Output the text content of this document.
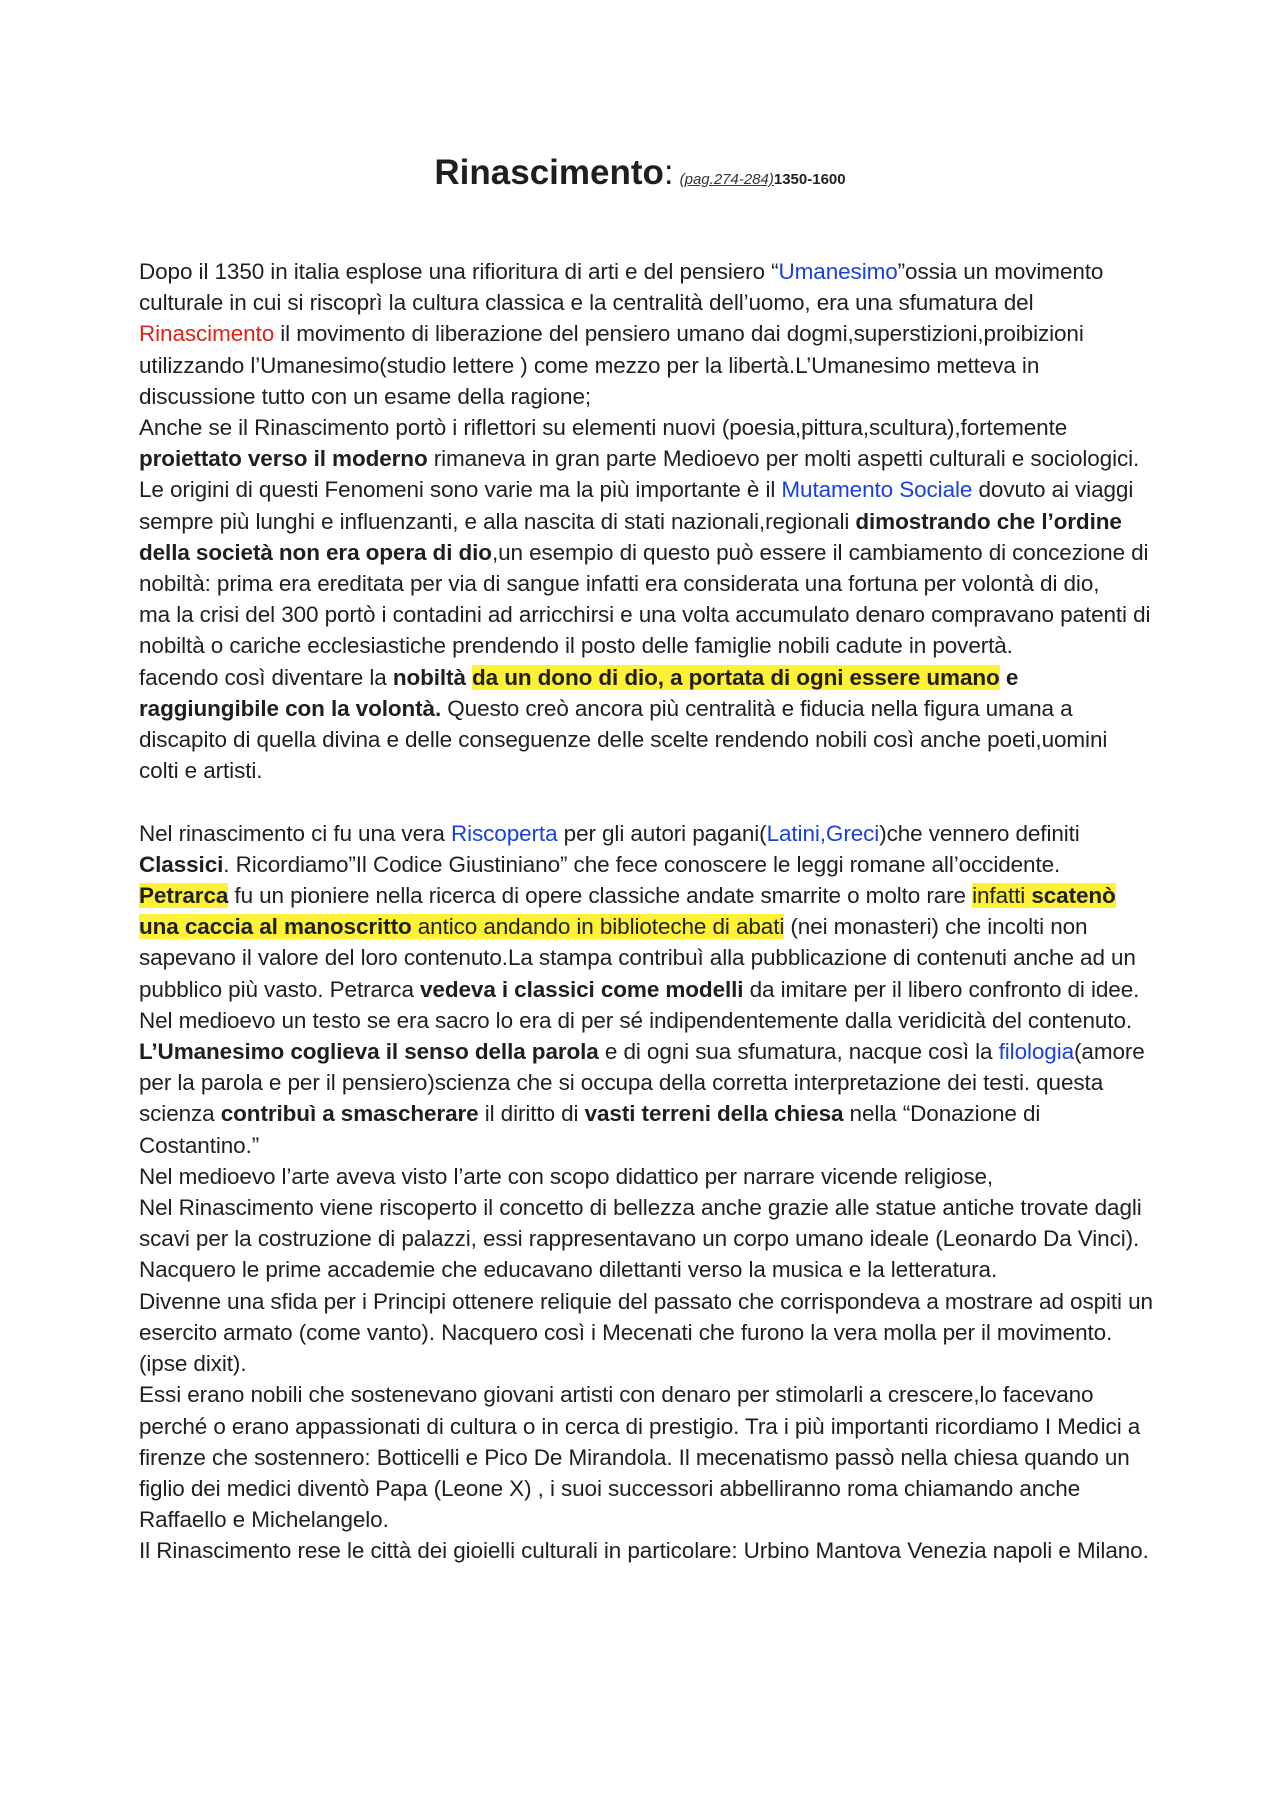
Rinascimento: (pag.274-284)1350-1600

Dopo il 1350 in italia esplose una rifioritura di arti e del pensiero “Umanesimo”ossia un movimento

culturale in cui si riscoprì la cultura classica e la centralità dell’uomo, era una sfumatura del

Rinascimento il movimento di liberazione del pensiero umano dai dogmi,superstizioni,proibizioni

utilizzando l’Umanesimo(studio lettere ) come mezzo per la libertà.L’Umanesimo metteva in

discussione tutto con un esame della ragione;

Anche se il Rinascimento portò i riflettori su elementi nuovi (poesia,pittura,scultura),fortemente

proiettato verso il moderno rimaneva in gran parte Medioevo per molti aspetti culturali e sociologici.

Le origini di questi Fenomeni sono varie ma la più importante è il Mutamento Sociale dovuto ai viaggi

sempre più lunghi e influenzanti, e alla nascita di stati nazionali,regionali dimostrando che l’ordine

della società non era opera di dio,un esempio di questo può essere il cambiamento di concezione di

nobiltà: prima era ereditata per via di sangue infatti era considerata una fortuna per volontà di dio,

ma la crisi del 300 portò i contadini ad arricchirsi e una volta accumulato denaro compravano patenti di

nobiltà o cariche ecclesiastiche prendendo il posto delle famiglie nobili cadute in povertà.

facendo così diventare la nobiltà da un dono di dio, a portata di ogni essere umano e

raggiungibile con la volontà. Questo creò ancora più centralità e fiducia nella figura umana a

discapito di quella divina e delle conseguenze delle scelte rendendo nobili così anche poeti,uomini

colti e artisti.

Nel rinascimento ci fu una vera Riscoperta per gli autori pagani(Latini,Greci)che vennero definiti

Classici. Ricordiamo”Il Codice Giustiniano” che fece conoscere le leggi romane all’occidente.

Petrarca fu un pioniere nella ricerca di opere classiche andate smarrite o molto rare infatti scatenò

una caccia al manoscritto antico andando in biblioteche di abati (nei monasteri) che incolti non

sapevano il valore del loro contenuto.La stampa contribuì alla pubblicazione di contenuti anche ad un

pubblico più vasto. Petrarca vedeva i classici come modelli da imitare per il libero confronto di idee.

Nel medioevo un testo se era sacro lo era di per sé indipendentemente dalla veridicità del contenuto.

L’Umanesimo coglieva il senso della parola e di ogni sua sfumatura, nacque così la filologia(amore

per la parola e per il pensiero)scienza che si occupa della corretta interpretazione dei testi. questa

scienza contribuì a smascherare il diritto di vasti terreni della chiesa nella “Donazione di

Costantino.”

Nel medioevo l’arte aveva visto l’arte con scopo didattico per narrare vicende religiose,

Nel Rinascimento viene riscoperto il concetto di bellezza anche grazie alle statue antiche trovate dagli

scavi per la costruzione di palazzi, essi rappresentavano un corpo umano ideale (Leonardo Da Vinci).

Nacquero le prime accademie che educavano dilettanti verso la musica e la letteratura.

Divenne una sfida per i Principi ottenere reliquie del passato che corrispondeva a mostrare ad ospiti un

esercito armato (come vanto). Nacquero così i Mecenati che furono la vera molla per il movimento.

(ipse dixit).

Essi erano nobili che sostenevano giovani artisti con denaro per stimolarli a crescere,lo facevano

perché o erano appassionati di cultura o in cerca di prestigio. Tra i più importanti ricordiamo I Medici a

firenze che sostennero: Botticelli e Pico De Mirandola. Il mecenatismo passò nella chiesa quando un

figlio dei medici diventò Papa (Leone X) , i suoi successori abbelliranno roma chiamando anche

Raffaello e Michelangelo.

Il Rinascimento rese le città dei gioielli culturali in particolare: Urbino Mantova Venezia napoli e Milano.
